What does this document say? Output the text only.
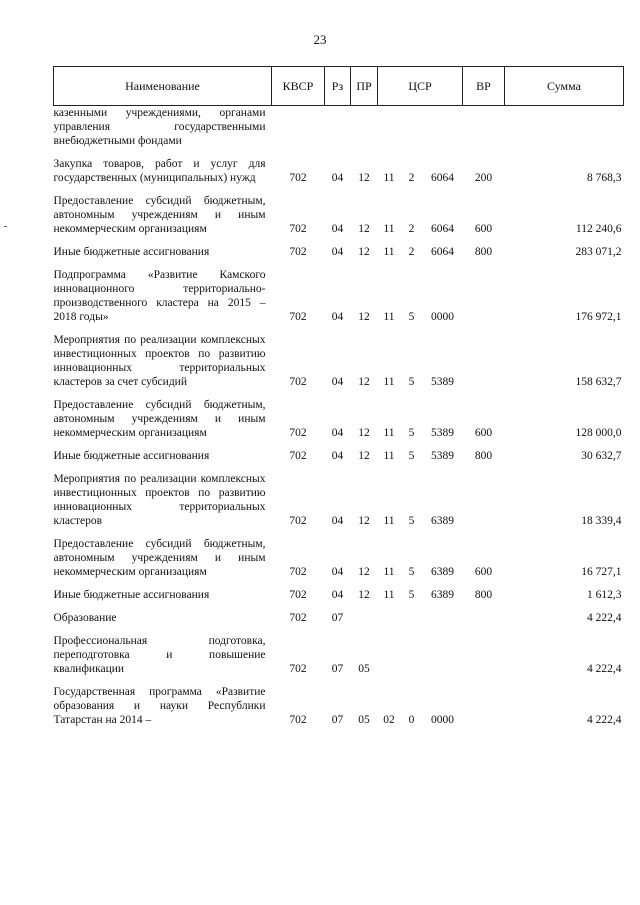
23
Наименование	КВСР	Рз	ПР	ЦСР			ВР	Сумма
казенными учреждениями, органами управления государственными внебюджетными фондами								
Закупка товаров, работ и услуг для государственных (муниципальных) нужд	702	04	12	11	2	6064	200	8 768,3
Предоставление субсидий бюджетным, автономным учреждениям и иным некоммерческим организациям	702	04	12	11	2	6064	600	112 240,6
Иные бюджетные ассигнования	702	04	12	11	2	6064	800	283 071,2
Подпрограмма «Развитие Камского инновационного территориально-производственного кластера на 2015 – 2018 годы»	702	04	12	11	5	0000		176 972,1
Мероприятия по реализации комплексных инвестиционных проектов по развитию инновационных территориальных кластеров за счет субсидий	702	04	12	11	5	5389		158 632,7
Предоставление субсидий бюджетным, автономным учреждениям и иным некоммерческим организациям	702	04	12	11	5	5389	600	128 000,0
Иные бюджетные ассигнования	702	04	12	11	5	5389	800	30 632,7
Мероприятия по реализации комплексных инвестиционных проектов по развитию инновационных территориальных кластеров	702	04	12	11	5	6389		18 339,4
Предоставление субсидий бюджетным, автономным учреждениям и иным некоммерческим организациям	702	04	12	11	5	6389	600	16 727,1
Иные бюджетные ассигнования	702	04	12	11	5	6389	800	1 612,3
Образование	702	07						4 222,4
Профессиональная подготовка, переподготовка и повышение квалификации	702	07	05					4 222,4
Государственная программа «Развитие образования и науки Республики Татарстан на 2014 –	702	07	05	02	0	0000		4 222,4
